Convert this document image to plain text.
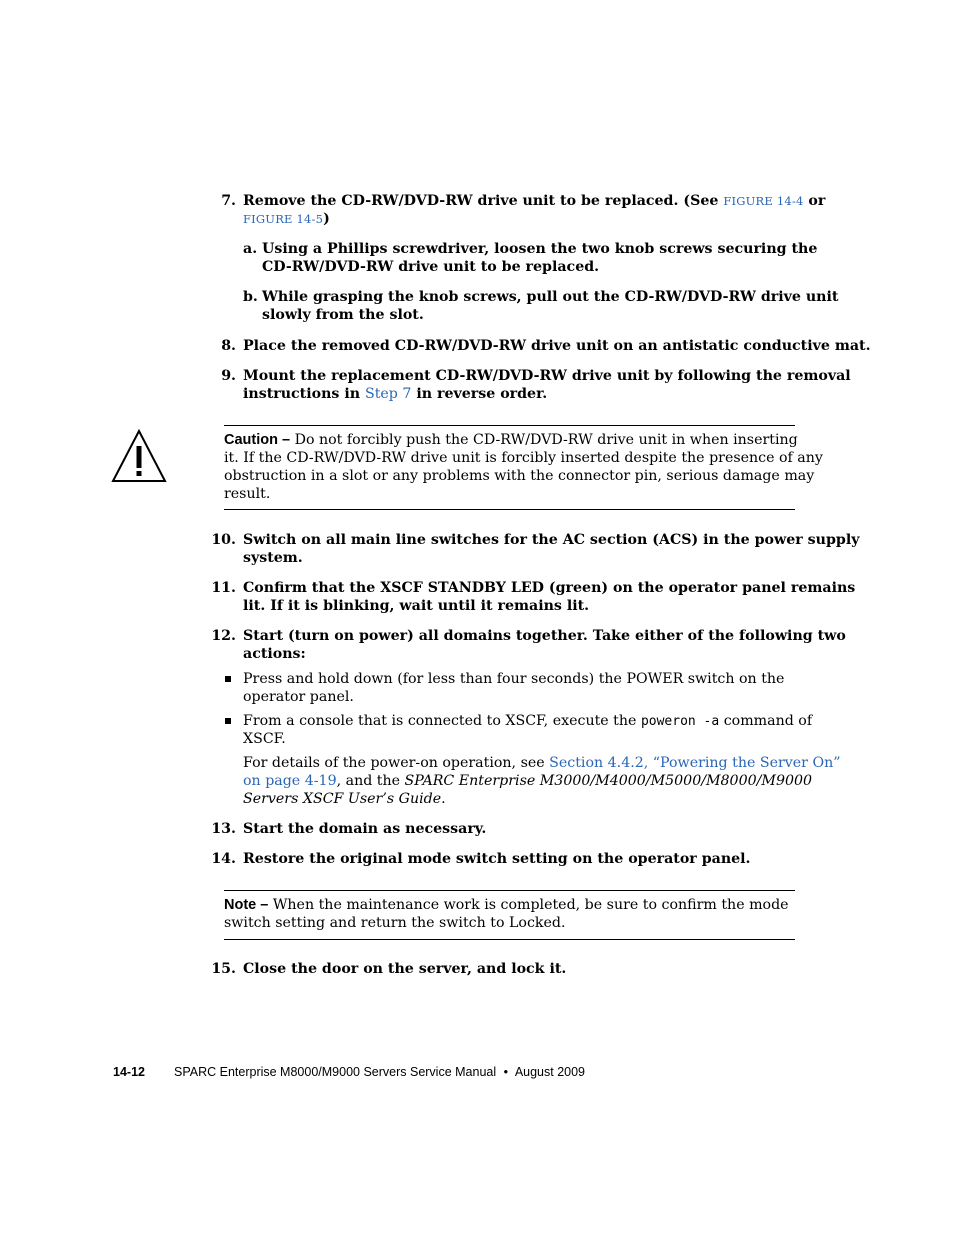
7. Remove the CD-RW/DVD-RW drive unit to be replaced. (See FIGURE 14-4 or
FIGURE 14-5)
a. Using a Phillips screwdriver, loosen the two knob screws securing the
CD-RW/DVD-RW drive unit to be replaced.
b. While grasping the knob screws, pull out the CD-RW/DVD-RW drive unit
slowly from the slot.
8. Place the removed CD-RW/DVD-RW drive unit on an antistatic conductive mat.
9. Mount the replacement CD-RW/DVD-RW drive unit by following the removal
instructions in Step 7 in reverse order.
Caution – Do not forcibly push the CD-RW/DVD-RW drive unit in when inserting
it. If the CD-RW/DVD-RW drive unit is forcibly inserted despite the presence of any
obstruction in a slot or any problems with the connector pin, serious damage may
result.
10. Switch on all main line switches for the AC section (ACS) in the power supply
system.
11. Confirm that the XSCF STANDBY LED (green) on the operator panel remains
lit. If it is blinking, wait until it remains lit.
12. Start (turn on power) all domains together. Take either of the following two
actions:
Press and hold down (for less than four seconds) the POWER switch on the
operator panel.
From a console that is connected to XSCF, execute the poweron -a command of
XSCF.
For details of the power-on operation, see Section 4.4.2, “Powering the Server On”
on page 4-19, and the SPARC Enterprise M3000/M4000/M5000/M8000/M9000
Servers XSCF User’s Guide.
13. Start the domain as necessary.
14. Restore the original mode switch setting on the operator panel.
Note – When the maintenance work is completed, be sure to confirm the mode
switch setting and return the switch to Locked.
15. Close the door on the server, and lock it.
14-12 SPARC Enterprise M8000/M9000 Servers Service Manual • August 2009
